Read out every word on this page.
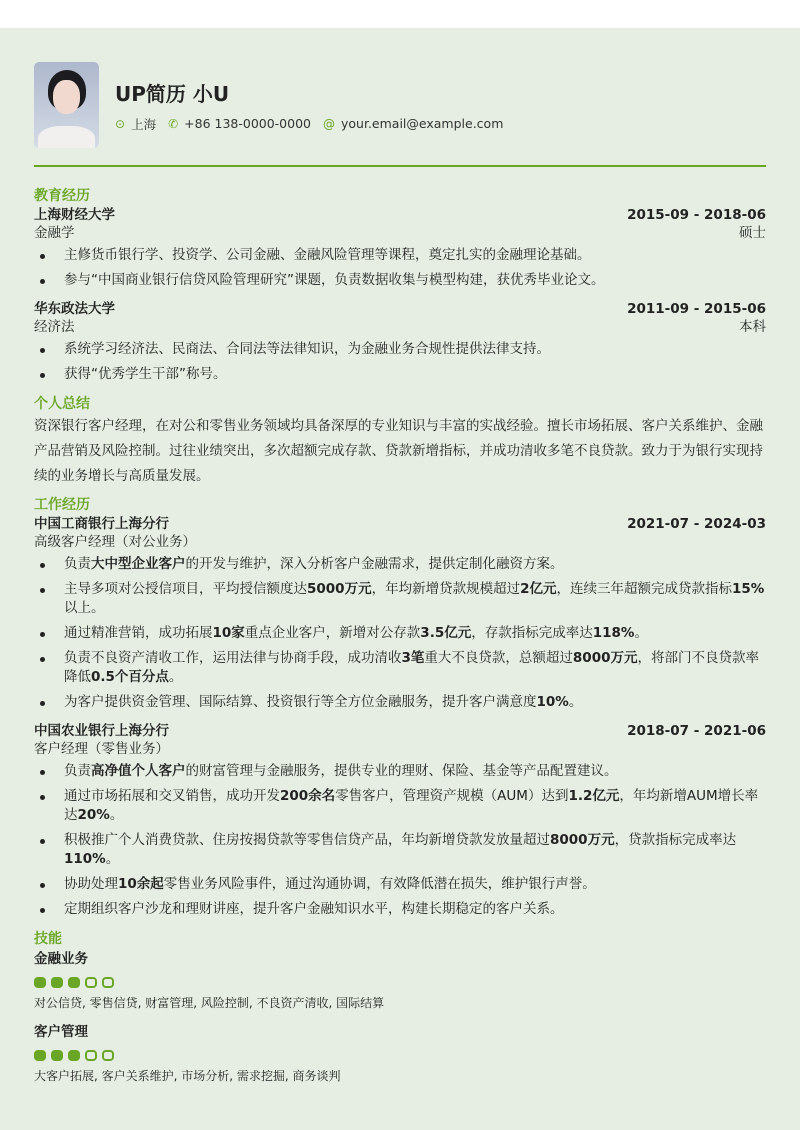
UP简历 小U
⊙ 上海 ✆ +86 138-0000-0000 @ your.email@example.com
教育经历
上海财经大学	2015-09 - 2018-06
金融学	硕士
主修货币银行学、投资学、公司金融、金融风险管理等课程，奠定扎实的金融理论基础。
参与“中国商业银行信贷风险管理研究”课题，负责数据收集与模型构建，获优秀毕业论文。
华东政法大学	2011-09 - 2015-06
经济法	本科
系统学习经济法、民商法、合同法等法律知识，为金融业务合规性提供法律支持。
获得“优秀学生干部”称号。
个人总结
资深银行客户经理，在对公和零售业务领域均具备深厚的专业知识与丰富的实战经验。擅长市场拓展、客户关系维护、金融产品营销及风险控制。过往业绩突出，多次超额完成存款、贷款新增指标，并成功清收多笔不良贷款。致力于为银行实现持续的业务增长与高质量发展。
工作经历
中国工商银行上海分行	2021-07 - 2024-03
高级客户经理（对公业务）
负责大中型企业客户的开发与维护，深入分析客户金融需求，提供定制化融资方案。
主导多项对公授信项目，平均授信额度达5000万元，年均新增贷款规模超过2亿元，连续三年超额完成贷款指标15%以上。
通过精准营销，成功拓展10家重点企业客户，新增对公存款3.5亿元，存款指标完成率达118%。
负责不良资产清收工作，运用法律与协商手段，成功清收3笔重大不良贷款，总额超过8000万元，将部门不良贷款率降低0.5个百分点。
为客户提供资金管理、国际结算、投资银行等全方位金融服务，提升客户满意度10%。
中国农业银行上海分行	2018-07 - 2021-06
客户经理（零售业务）
负责高净值个人客户的财富管理与金融服务，提供专业的理财、保险、基金等产品配置建议。
通过市场拓展和交叉销售，成功开发200余名零售客户，管理资产规模（AUM）达到1.2亿元，年均新增AUM增长率达20%。
积极推广个人消费贷款、住房按揭贷款等零售信贷产品，年均新增贷款发放量超过8000万元，贷款指标完成率达110%。
协助处理10余起零售业务风险事件，通过沟通协调，有效降低潜在损失，维护银行声誉。
定期组织客户沙龙和理财讲座，提升客户金融知识水平，构建长期稳定的客户关系。
技能
金融业务
对公信贷, 零售信贷, 财富管理, 风险控制, 不良资产清收, 国际结算
客户管理
大客户拓展, 客户关系维护, 市场分析, 需求挖掘, 商务谈判
